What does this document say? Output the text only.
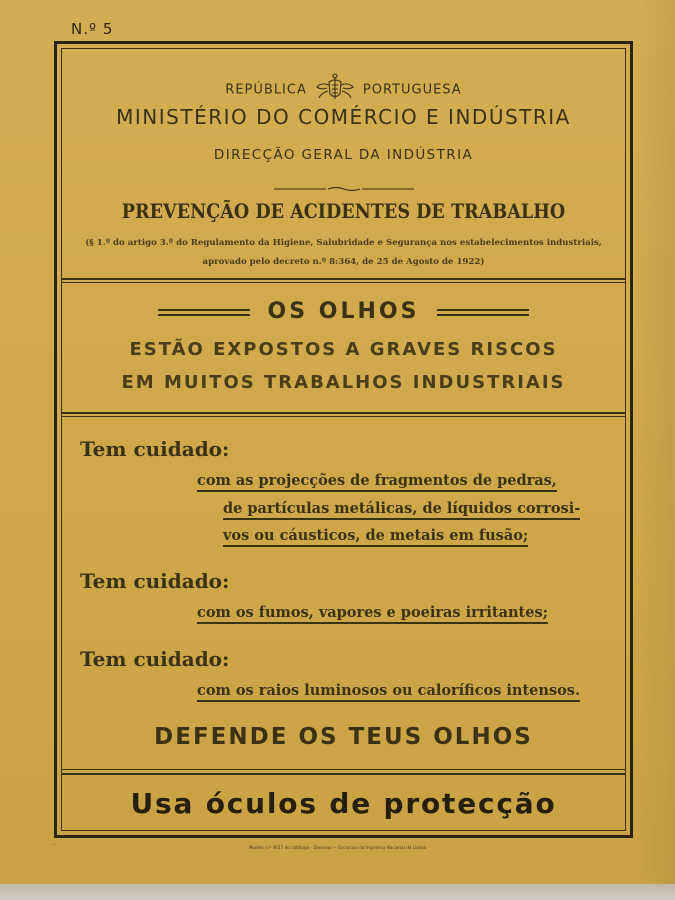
N.º 5
REPÚBLICA	PORTUGUESA
MINISTÉRIO DO COMÉRCIO E INDÚSTRIA
DIRECÇÃO GERAL DA INDÚSTRIA
PREVENÇÃO DE ACIDENTES DE TRABALHO
(§ 1.º do artigo 3.º do Regulamento da Higiene, Salubridade e Segurança nos estabelecimentos industriais,
aprovado pelo decreto n.º 8:364, de 25 de Agosto de 1922)
OS OLHOS
ESTÃO EXPOSTOS A GRAVES RISCOS
EM MUITOS TRABALHOS INDUSTRIAIS
Tem cuidado:
com as projecções de fragmentos de pedras,
de partículas metálicas, de líquidos corrosi-
vos ou cáusticos, de metais em fusão;
Tem cuidado:
com os fumos, vapores e poeiras irritantes;
Tem cuidado:
com os raios luminosos ou caloríficos intensos.
DEFENDE OS TEUS OLHOS
Usa óculos de protecção
—
Modelo n.º 4617 do catálogo - Diversos — Exclusivo da Imprensa Nacional de Lisboa
